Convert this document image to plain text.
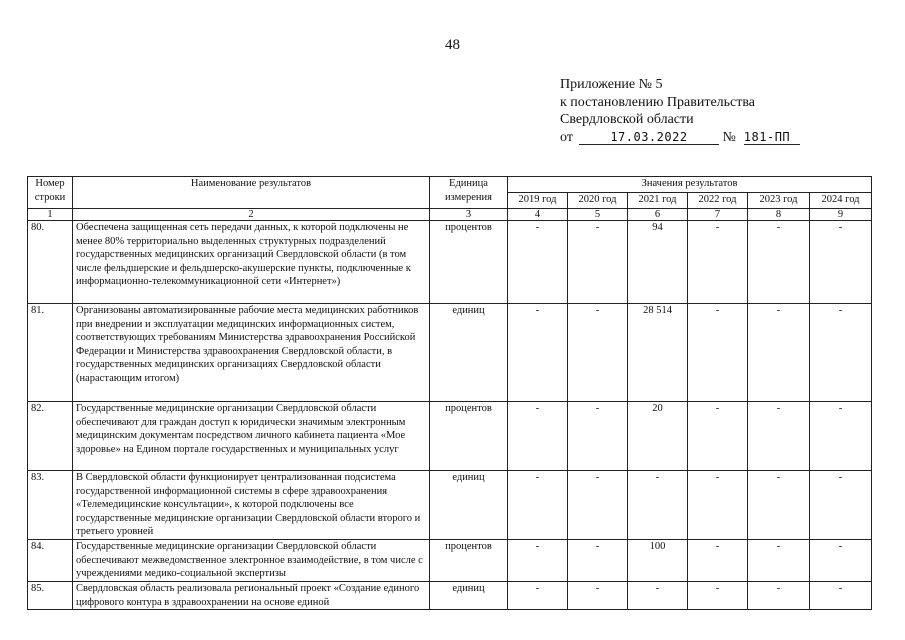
48
Приложение № 5
к постановлению Правительства
Свердловской области
от	17.03.2022 № 181-ПП
Номер строки	Наименование результатов	Единица измерения	Значения результатов					
			2019 год	2020 год	2021 год	2022 год	2023 год	2024 год
1	2	3	4	5	6	7	8	9
80.	Обеспечена защищенная сеть передачи данных, к которой подключены не менее 80% территориально выделенных структурных подразделений государственных медицинских организаций Свердловской области (в том числе фельдшерские и фельдшерско-акушерские пункты, подключенные к информационно-телекоммуникационной сети «Интернет»)	процентов	-	-	94	-	-	-
81.	Организованы автоматизированные рабочие места медицинских работников при внедрении и эксплуатации медицинских информационных систем, соответствующих требованиям Министерства здравоохранения Российской Федерации и Министерства здравоохранения Свердловской области, в государственных медицинских организациях Свердловской области (нарастающим итогом)	единиц	-	-	28 514	-	-	-
82.	Государственные медицинские организации Свердловской области обеспечивают для граждан доступ к юридически значимым электронным медицинским документам посредством личного кабинета пациента «Мое здоровье» на Едином портале государственных и муниципальных услуг	процентов	-	-	20	-	-	-
83.	В Свердловской области функционирует централизованная подсистема государственной информационной системы в сфере здравоохранения «Телемедицинские консультации», к которой подключены все государственные медицинские организации Свердловской области второго и третьего уровней	единиц	-	-	-	-	-	-
84.	Государственные медицинские организации Свердловской области обеспечивают межведомственное электронное взаимодействие, в том числе с учреждениями медико-социальной экспертизы	процентов	-	-	100	-	-	-
85.	Свердловская область реализовала региональный проект «Создание единого цифрового контура в здравоохранении на основе единой	единиц	-	-	-	-	-	-
